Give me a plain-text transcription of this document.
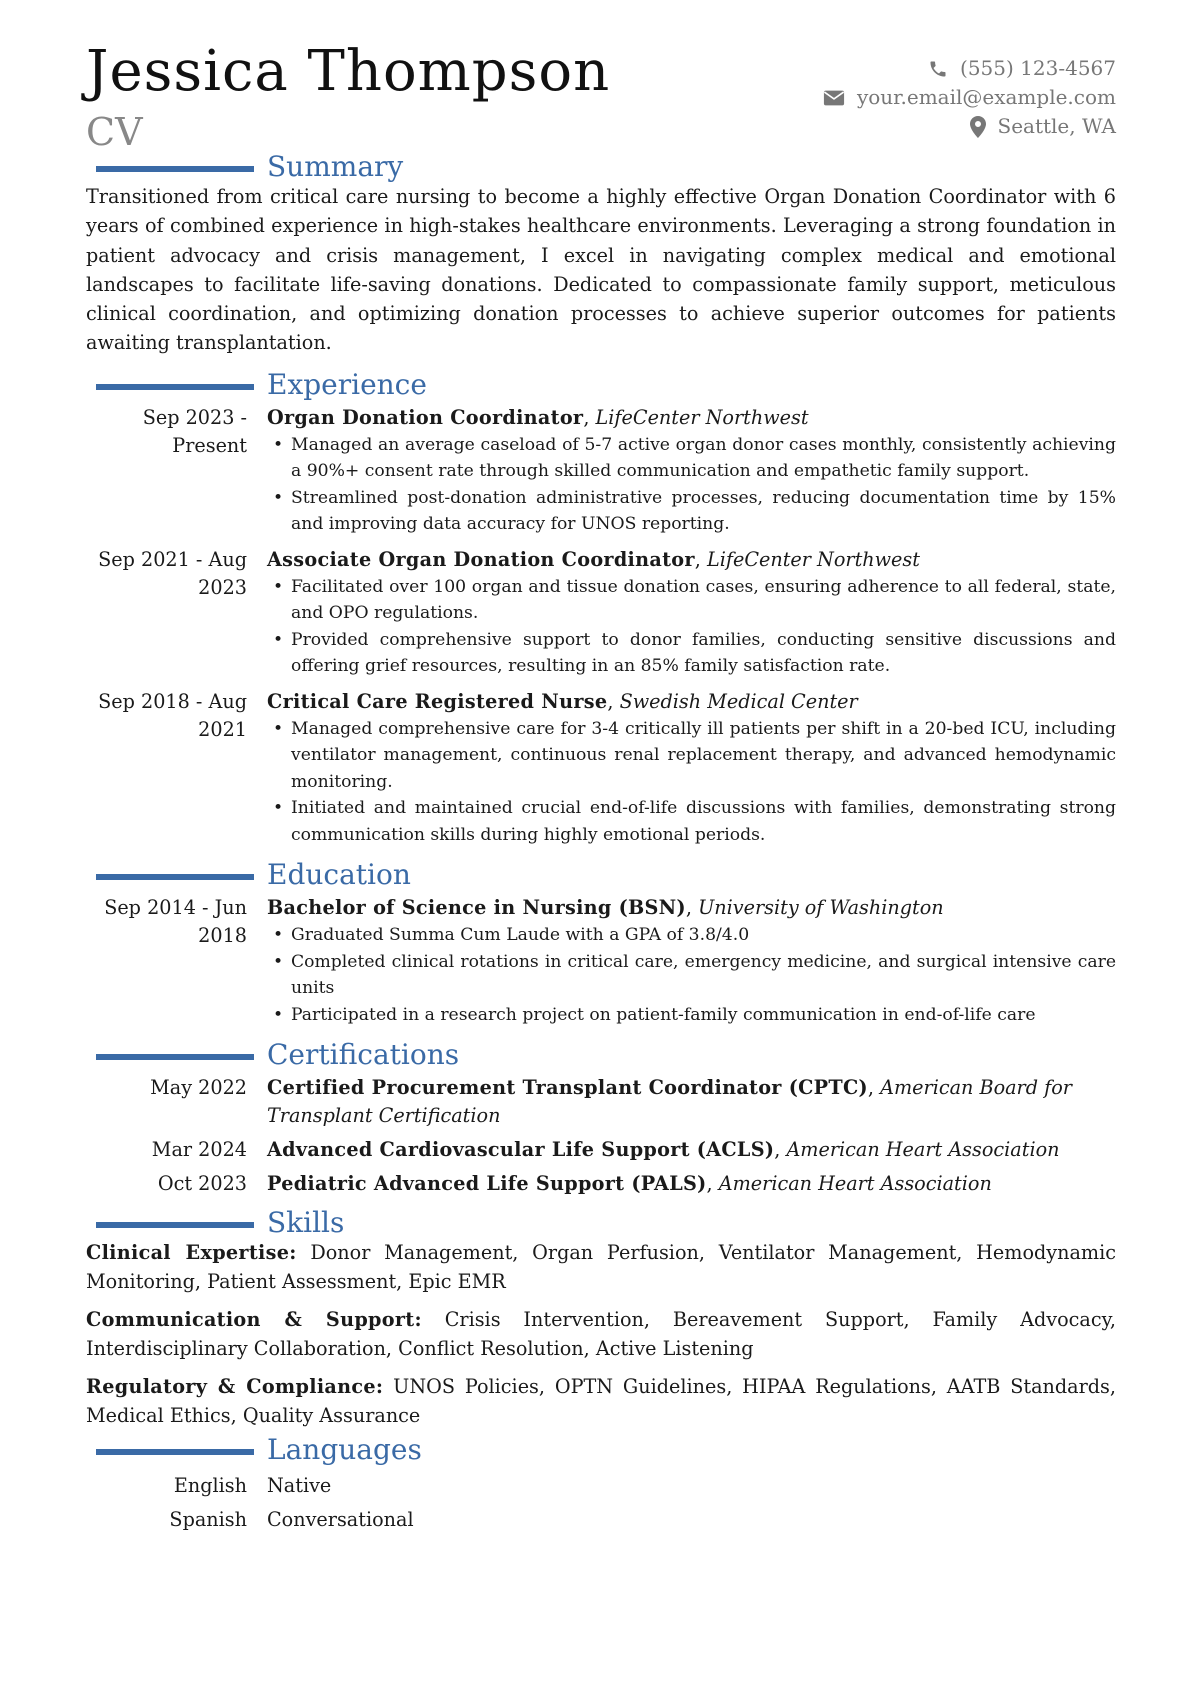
Jessica Thompson
CV
(555) 123-4567
your.email@example.com
Seattle, WA
Summary

Transitioned from critical care nursing to become a highly effective Organ Donation Coordinator with 6 years of combined experience in high-stakes healthcare environments. Leveraging a strong foundation in patient advocacy and crisis management, I excel in navigating complex medical and emotional landscapes to facilitate life-saving donations. Dedicated to compassionate family support, meticulous clinical coordination, and optimizing donation processes to achieve superior outcomes for patients awaiting transplantation.

Experience
Sep 2023 - Present
Organ Donation Coordinator, LifeCenter Northwest
• Managed an average caseload of 5-7 active organ donor cases monthly, consistently achieving a 90%+ consent rate through skilled communication and empathetic family support.
• Streamlined post-donation administrative processes, reducing documentation time by 15% and improving data accuracy for UNOS reporting.
Sep 2021 - Aug 2023
Associate Organ Donation Coordinator, LifeCenter Northwest
• Facilitated over 100 organ and tissue donation cases, ensuring adherence to all federal, state, and OPO regulations.
• Provided comprehensive support to donor families, conducting sensitive discussions and offering grief resources, resulting in an 85% family satisfaction rate.
Sep 2018 - Aug 2021
Critical Care Registered Nurse, Swedish Medical Center
• Managed comprehensive care for 3-4 critically ill patients per shift in a 20-bed ICU, including ventilator management, continuous renal replacement therapy, and advanced hemodynamic monitoring.
• Initiated and maintained crucial end-of-life discussions with families, demonstrating strong communication skills during highly emotional periods.
Education
Sep 2014 - Jun 2018
Bachelor of Science in Nursing (BSN), University of Washington
• Graduated Summa Cum Laude with a GPA of 3.8/4.0
• Completed clinical rotations in critical care, emergency medicine, and surgical intensive care units
• Participated in a research project on patient-family communication in end-of-life care
Certifications
May 2022	Certified Procurement Transplant Coordinator (CPTC), American Board for Transplant Certification
Mar 2024	Advanced Cardiovascular Life Support (ACLS), American Heart Association
Oct 2023	Pediatric Advanced Life Support (PALS), American Heart Association
Skills

Clinical Expertise: Donor Management, Organ Perfusion, Ventilator Management, Hemodynamic Monitoring, Patient Assessment, Epic EMR

Communication & Support: Crisis Intervention, Bereavement Support, Family Advocacy, Interdisciplinary Collaboration, Conflict Resolution, Active Listening

Regulatory & Compliance: UNOS Policies, OPTN Guidelines, HIPAA Regulations, AATB Standards, Medical Ethics, Quality Assurance

Languages
English	Native
Spanish	Conversational
